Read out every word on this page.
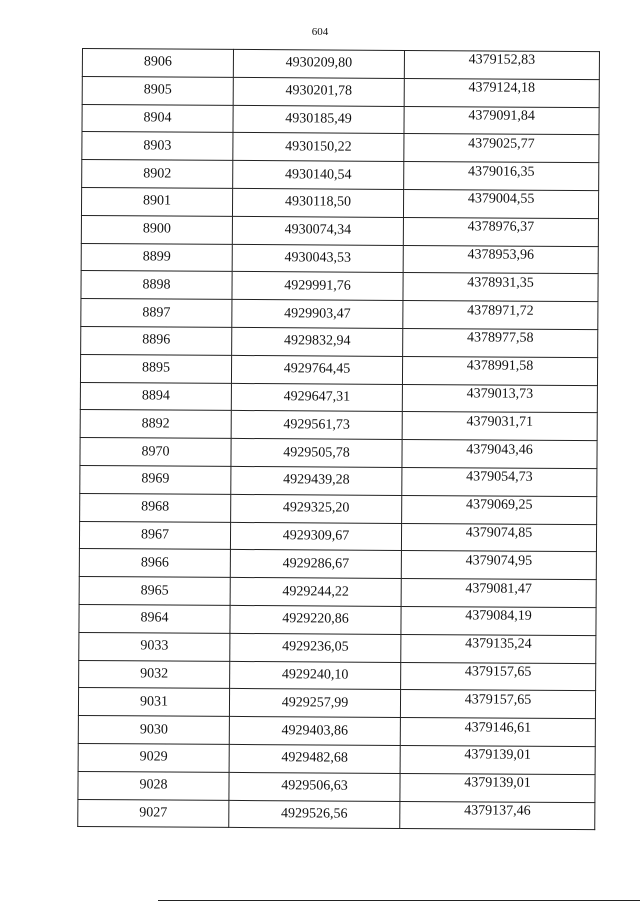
604
8906	4930209,80	4379152,83
8905	4930201,78	4379124,18
8904	4930185,49	4379091,84
8903	4930150,22	4379025,77
8902	4930140,54	4379016,35
8901	4930118,50	4379004,55
8900	4930074,34	4378976,37
8899	4930043,53	4378953,96
8898	4929991,76	4378931,35
8897	4929903,47	4378971,72
8896	4929832,94	4378977,58
8895	4929764,45	4378991,58
8894	4929647,31	4379013,73
8892	4929561,73	4379031,71
8970	4929505,78	4379043,46
8969	4929439,28	4379054,73
8968	4929325,20	4379069,25
8967	4929309,67	4379074,85
8966	4929286,67	4379074,95
8965	4929244,22	4379081,47
8964	4929220,86	4379084,19
9033	4929236,05	4379135,24
9032	4929240,10	4379157,65
9031	4929257,99	4379157,65
9030	4929403,86	4379146,61
9029	4929482,68	4379139,01
9028	4929506,63	4379139,01
9027	4929526,56	4379137,46
